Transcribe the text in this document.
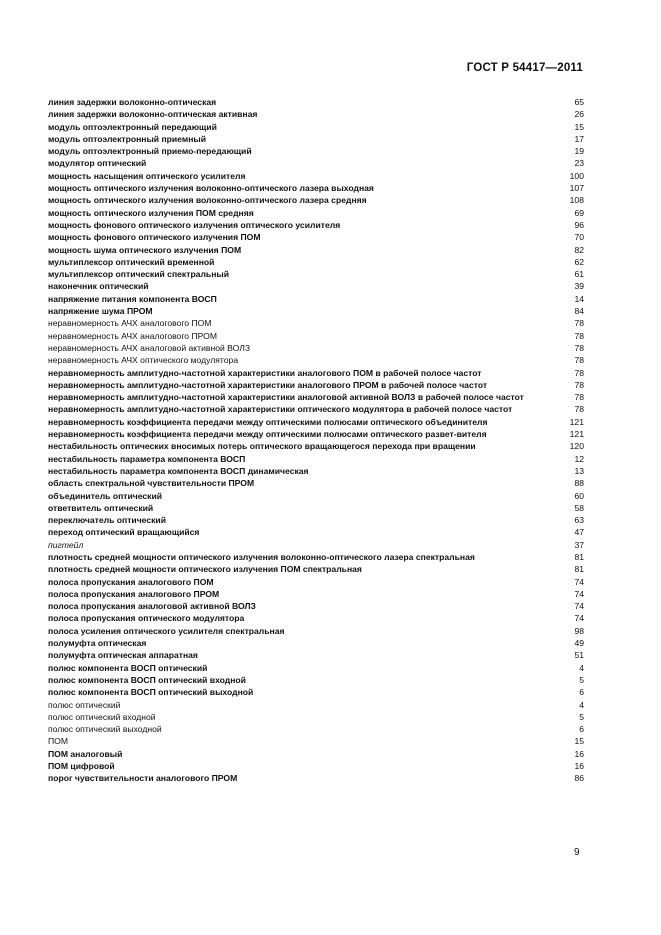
ГОСТ Р 54417—2011
линия задержки волоконно-оптическая	65
линия задержки волоконно-оптическая активная	26
модуль оптоэлектронный передающий	15
модуль оптоэлектронный приемный	17
модуль оптоэлектронный приемо-передающий	19
модулятор оптический	23
мощность насыщения оптического усилителя	100
мощность оптического излучения волоконно-оптического лазера выходная	107
мощность оптического излучения волоконно-оптического лазера средняя	108
мощность оптического излучения ПОМ средняя	69
мощность фонового оптического излучения оптического усилителя	96
мощность фонового оптического излучения ПОМ	70
мощность шума оптического излучения ПОМ	82
мультиплексор оптический временной	62
мультиплексор оптический спектральный	61
наконечник оптический	39
напряжение питания компонента ВОСП	14
напряжение шума ПРОМ	84
неравномерность АЧХ аналогового ПОМ	78
неравномерность АЧХ аналогового ПРОМ	78
неравномерность АЧХ аналоговой активной ВОЛЗ	78
неравномерность АЧХ оптического модулятора	78
неравномерность амплитудно-частотной характеристики аналогового ПОМ в рабочей полосе частот	78
неравномерность амплитудно-частотной характеристики аналогового ПРОМ в рабочей полосе частот	78
неравномерность амплитудно-частотной характеристики аналоговой активной ВОЛЗ в рабочей полосе частот	78
неравномерность амплитудно-частотной характеристики оптического модулятора в рабочей полосе частот	78
неравномерность коэффициента передачи между оптическими полюсами оптического объединителя	121
неравномерность коэффициента передачи между оптическими полюсами оптического развет-вителя	121
нестабильность оптических вносимых потерь оптического вращающегося перехода при вращении	120
нестабильность параметра компонента ВОСП	12
нестабильность параметра компонента ВОСП динамическая	13
область спектральной чувствительности ПРОМ	88
объединитель оптический	60
ответвитель оптический	58
переключатель оптический	63
переход оптический вращающийся	47
пигтейл	37
плотность средней мощности оптического излучения волоконно-оптического лазера спектральная	81
плотность средней мощности оптического излучения ПОМ спектральная	81
полоса пропускания аналогового ПОМ	74
полоса пропускания аналогового ПРОМ	74
полоса пропускания аналоговой активной ВОЛЗ	74
полоса пропускания оптического модулятора	74
полоса усиления оптического усилителя спектральная	98
полумуфта оптическая	49
полумуфта оптическая аппаратная	51
полюс компонента ВОСП оптический	4
полюс компонента ВОСП оптический входной	5
полюс компонента ВОСП оптический выходной	6
полюс оптический	4
полюс оптический входной	5
полюс оптический выходной	6
ПОМ	15
ПОМ аналоговый	16
ПОМ цифровой	16
порог чувствительности аналогового ПРОМ	86
9
